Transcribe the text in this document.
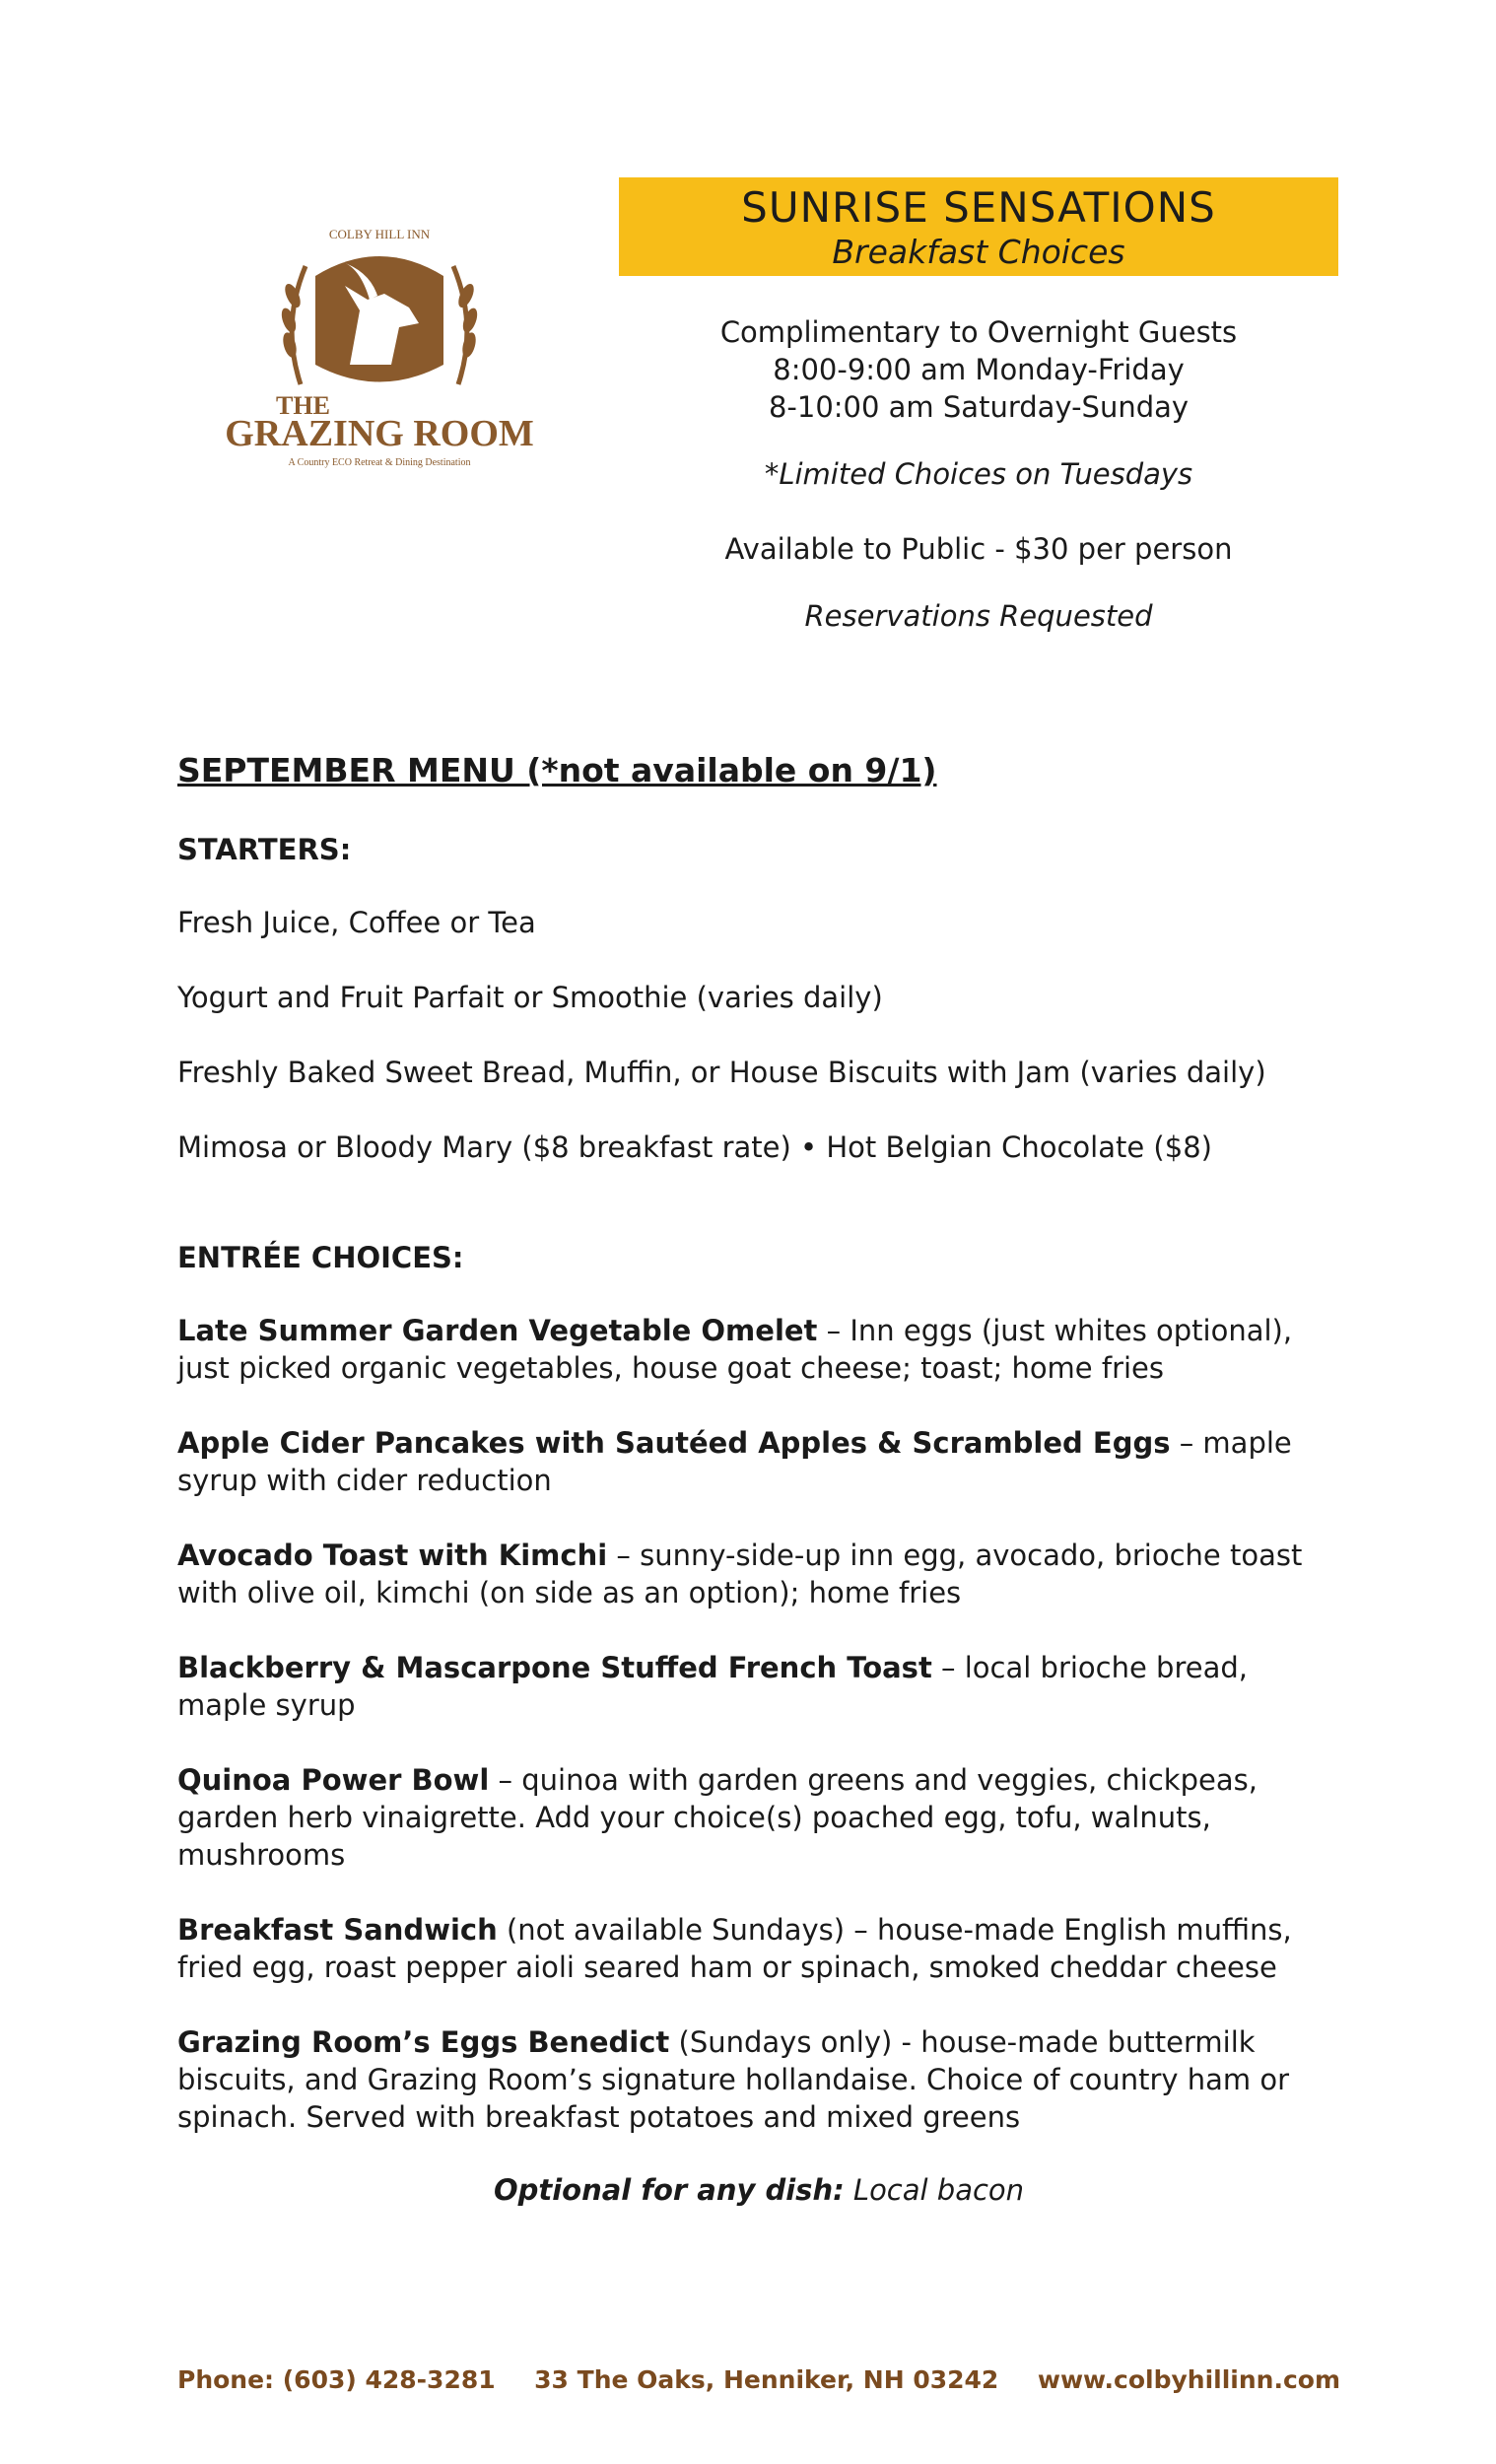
COLBY HILL INN
THE
GRAZING ROOM
A Country ECO Retreat & Dining Destination
SUNRISE SENSATIONS
Breakfast Choices
Complimentary to Overnight Guests
8:00-9:00 am Monday-Friday
8-10:00 am Saturday-Sunday
*Limited Choices on Tuesdays
Available to Public - $30 per person
Reservations Requested
SEPTEMBER MENU (*not available on 9/1)
STARTERS:
Fresh Juice, Coffee or Tea
Yogurt and Fruit Parfait or Smoothie (varies daily)
Freshly Baked Sweet Bread, Muffin, or House Biscuits with Jam (varies daily)
Mimosa or Bloody Mary ($8 breakfast rate) • Hot Belgian Chocolate ($8)
ENTRÉE CHOICES:
Late Summer Garden Vegetable Omelet – Inn eggs (just whites optional), just picked organic vegetables, house goat cheese; toast; home fries
Apple Cider Pancakes with Sautéed Apples & Scrambled Eggs – maple syrup with cider reduction
Avocado Toast with Kimchi – sunny-side-up inn egg, avocado, brioche toast with olive oil, kimchi (on side as an option); home fries
Blackberry & Mascarpone Stuffed French Toast – local brioche bread, maple syrup
Quinoa Power Bowl – quinoa with garden greens and veggies, chickpeas, garden herb vinaigrette. Add your choice(s) poached egg, tofu, walnuts, mushrooms
Breakfast Sandwich (not available Sundays) – house-made English muffins, fried egg, roast pepper aioli seared ham or spinach, smoked cheddar cheese
Grazing Room’s Eggs Benedict (Sundays only) - house-made buttermilk biscuits, and Grazing Room’s signature hollandaise. Choice of country ham or spinach. Served with breakfast potatoes and mixed greens
Optional for any dish: Local bacon
Phone: (603) 428-3281 33 The Oaks, Henniker, NH 03242 www.colbyhillinn.com
